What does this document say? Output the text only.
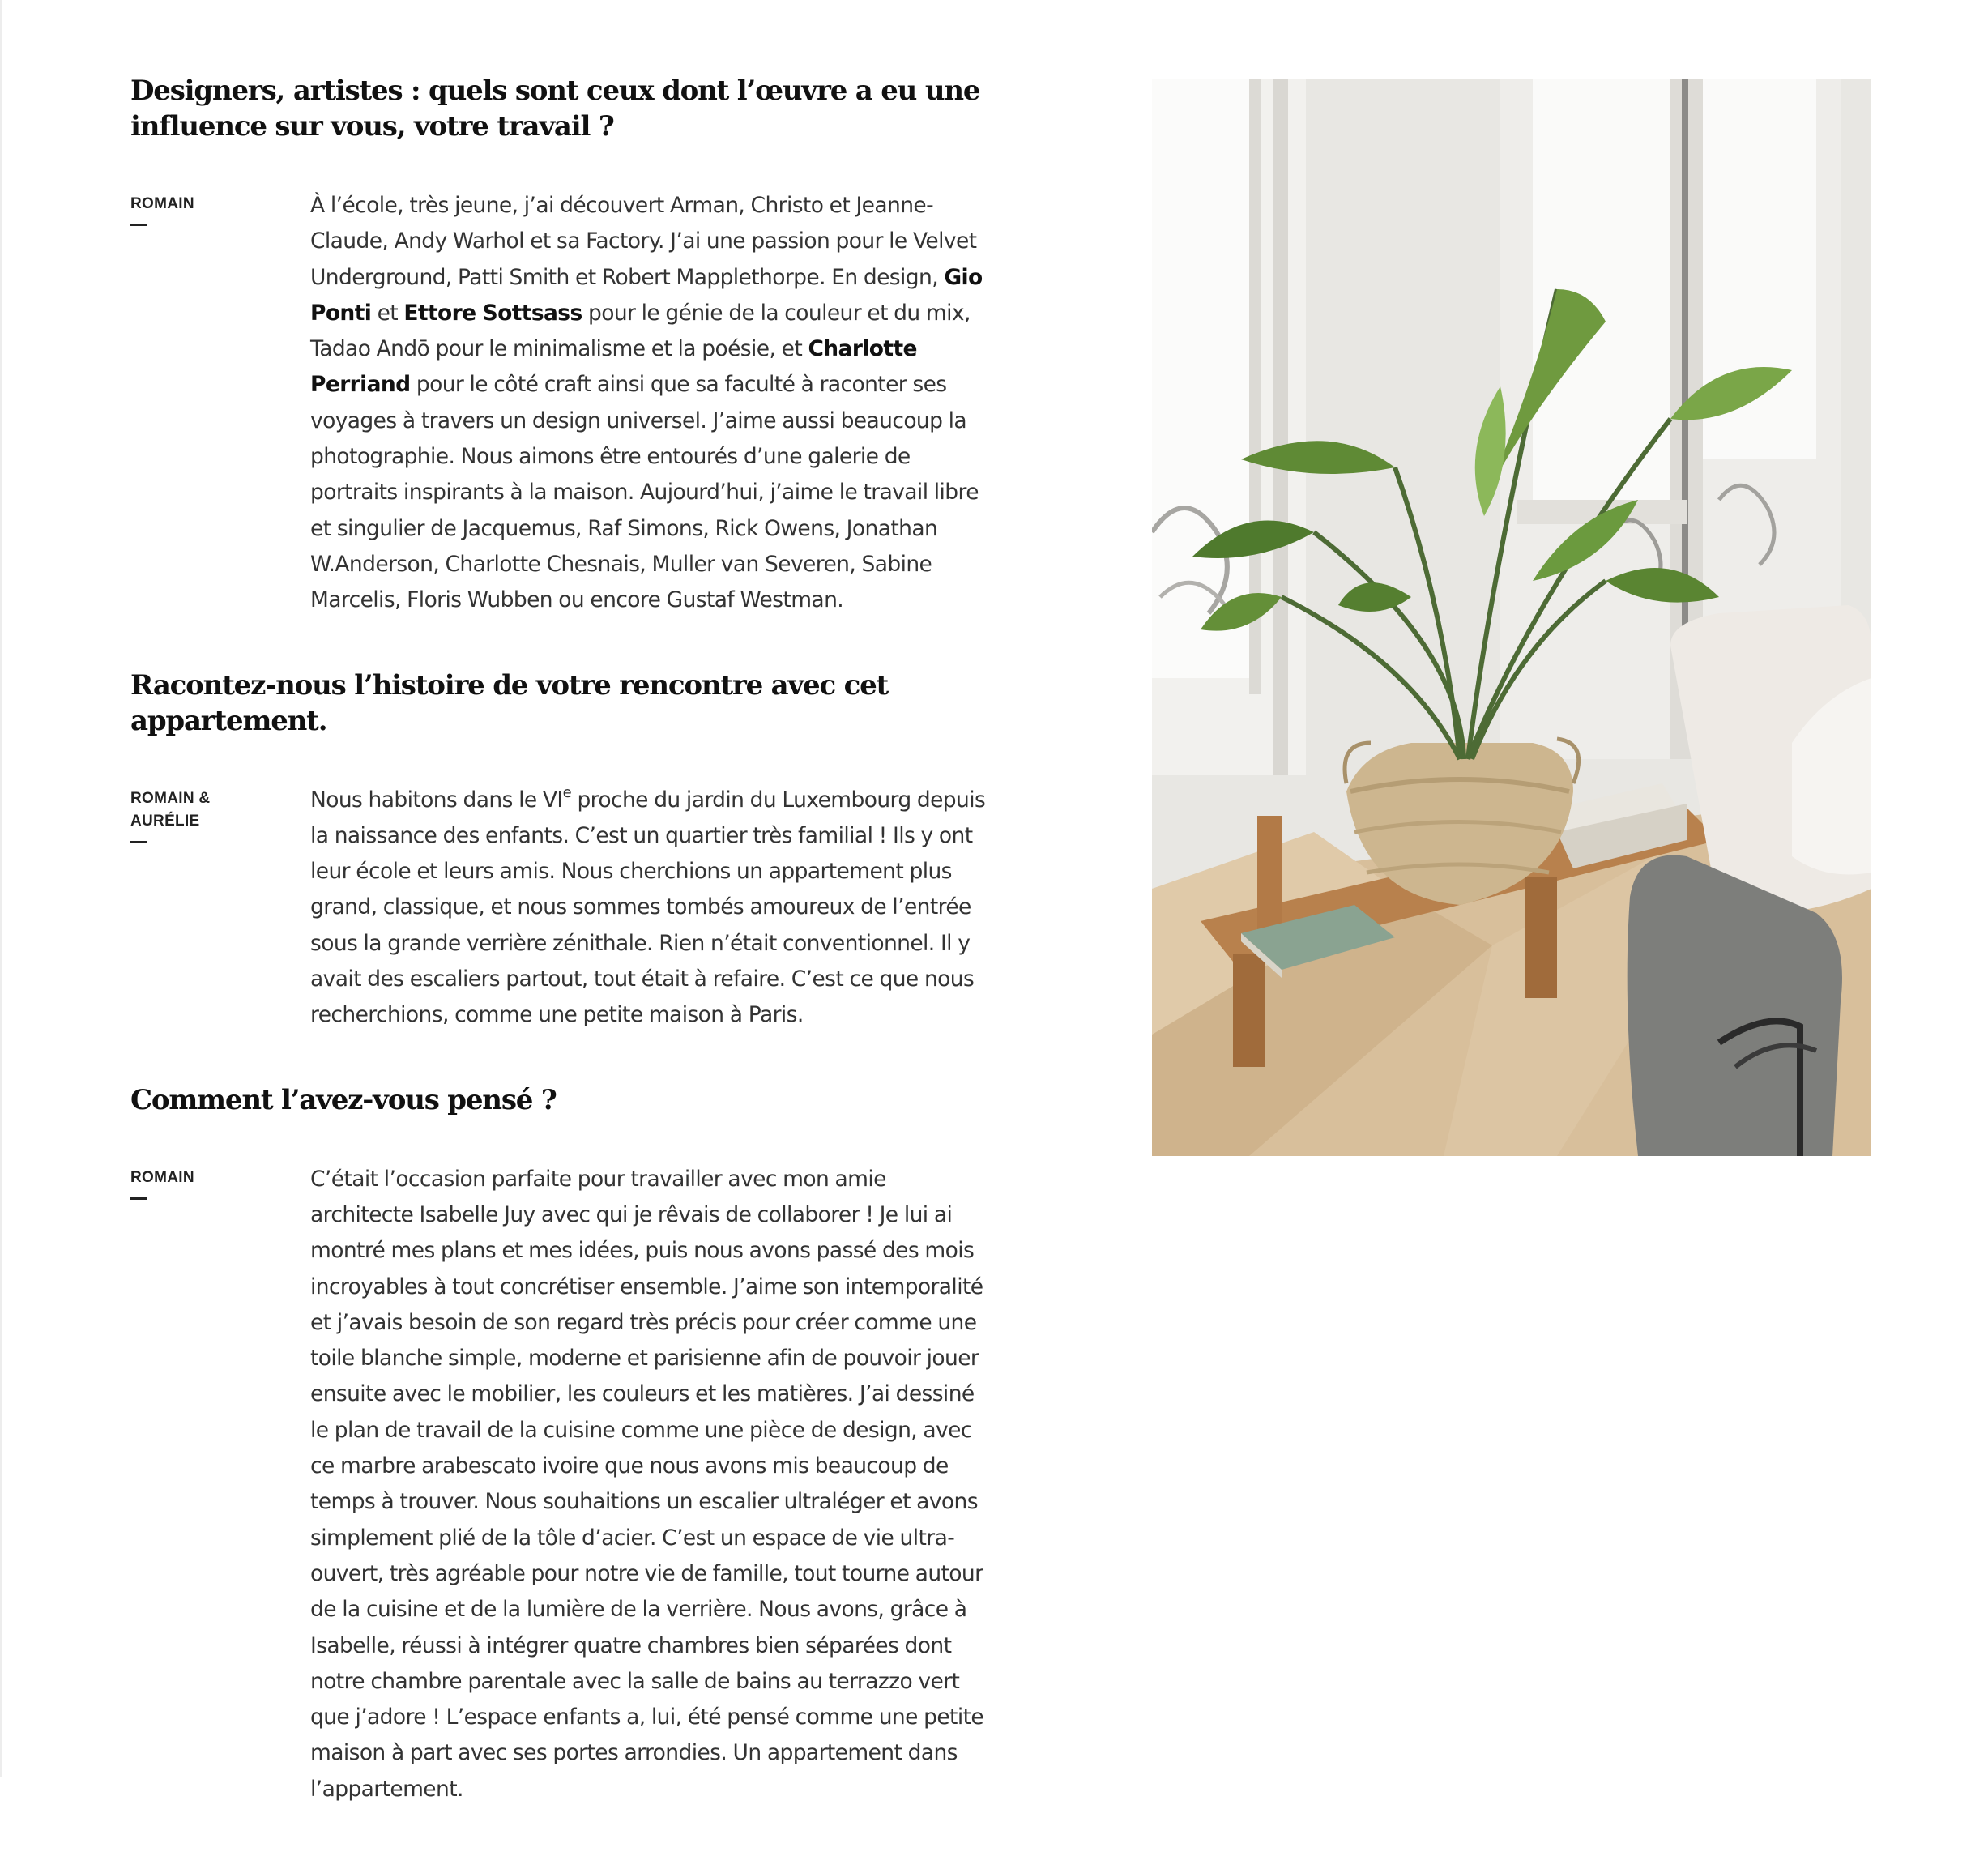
Designers, artistes : quels sont ceux dont l’œuvre a eu une influence sur vous, votre travail ?
ROMAIN	À l’école, très jeune, j’ai découvert Arman, Christo et Jeanne-Claude, Andy Warhol et sa Factory. J’ai une passion pour le Velvet Underground, Patti Smith et Robert Mapplethorpe. En design, Gio Ponti et Ettore Sottsass pour le génie de la couleur et du mix, Tadao Andō pour le minimalisme et la poésie, et Charlotte Perriand pour le côté craft ainsi que sa faculté à raconter ses voyages à travers un design universel. J’aime aussi beaucoup la photographie. Nous aimons être entourés d’une galerie de portraits inspirants à la maison. Aujourd’hui, j’aime le travail libre et singulier de Jacquemus, Raf Simons, Rick Owens, Jonathan W.Anderson, Charlotte Chesnais, Muller van Severen, Sabine Marcelis, Floris Wubben ou encore Gustaf Westman.
Racontez-nous l’histoire de votre rencontre avec cet appartement.
ROMAIN &
AURÉLIE
Nous habitons dans le VIe proche du jardin du Luxembourg depuis la naissance des enfants. C’est un quartier très familial ! Ils y ont leur école et leurs amis. Nous cherchions un appartement plus grand, classique, et nous sommes tombés amoureux de l’entrée sous la grande verrière zénithale. Rien n’était conventionnel. Il y avait des escaliers partout, tout était à refaire. C’est ce que nous recherchions, comme une petite maison à Paris.
Comment l’avez-vous pensé ?
ROMAIN	C’était l’occasion parfaite pour travailler avec mon amie architecte Isabelle Juy avec qui je rêvais de collaborer ! Je lui ai montré mes plans et mes idées, puis nous avons passé des mois incroyables à tout concrétiser ensemble. J’aime son intemporalité et j’avais besoin de son regard très précis pour créer comme une toile blanche simple, moderne et parisienne afin de pouvoir jouer ensuite avec le mobilier, les couleurs et les matières. J’ai dessiné le plan de travail de la cuisine comme une pièce de design, avec ce marbre arabescato ivoire que nous avons mis beaucoup de temps à trouver. Nous souhaitions un escalier ultraléger et avons simplement plié de la tôle d’acier. C’est un espace de vie ultra-ouvert, très agréable pour notre vie de famille, tout tourne autour de la cuisine et de la lumière de la verrière. Nous avons, grâce à Isabelle, réussi à intégrer quatre chambres bien séparées dont notre chambre parentale avec la salle de bains au terrazzo vert que j’adore ! L’espace enfants a, lui, été pensé comme une petite maison à part avec ses portes arrondies. Un appartement dans l’appartement.
